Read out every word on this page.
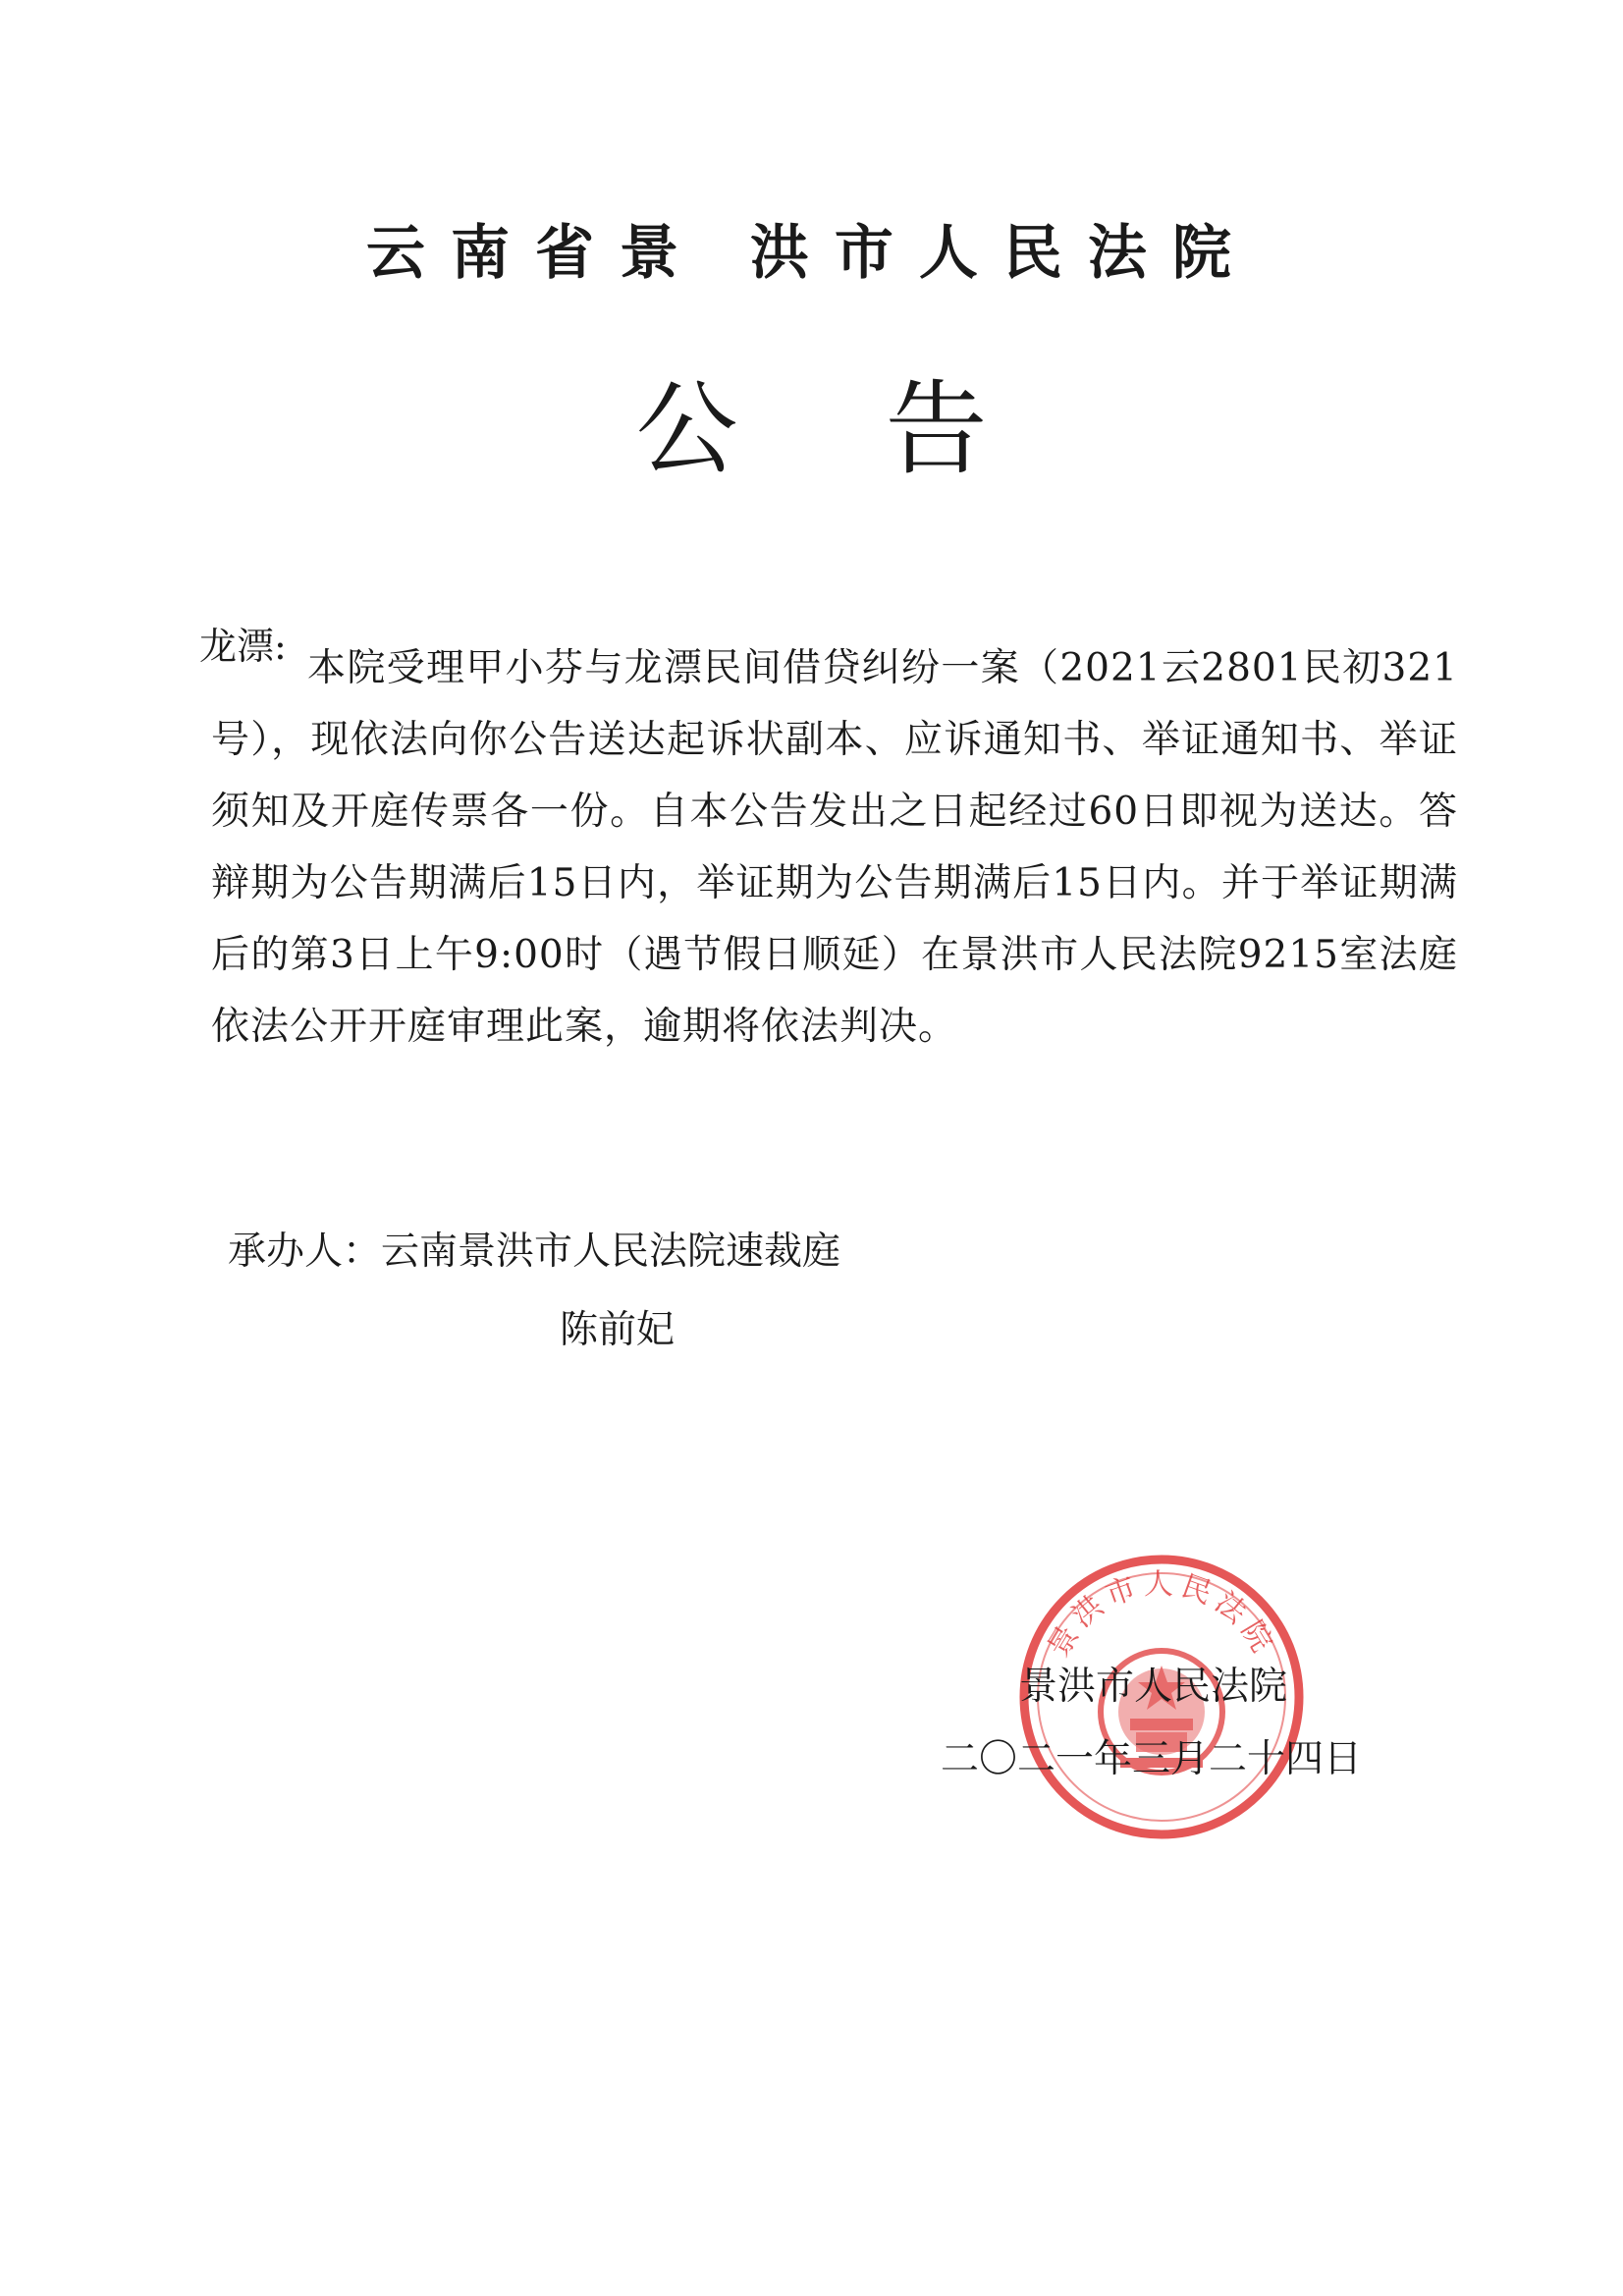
云南省景 洪市人民法院
公告
龙漂: 本院受理甲小芬与龙漂民间借贷纠纷一案（2021云2801民初321号），现依法向你公告送达起诉状副本、应诉通知书、举证通知书、举证须知及开庭传票各一份。自本公告发出之日起经过60日即视为送达。答辩期为公告期满后15日内，举证期为公告期满后15日内。并于举证期满后的第3日上午9:00时（遇节假日顺延）在景洪市人民法院9215室法庭依法公开开庭审理此案，逾期将依法判决。
承办人：云南景洪市人民法院速裁庭
陈前妃
景洪市人民法院
景洪市人民法院
二〇二一年三月二十四日
